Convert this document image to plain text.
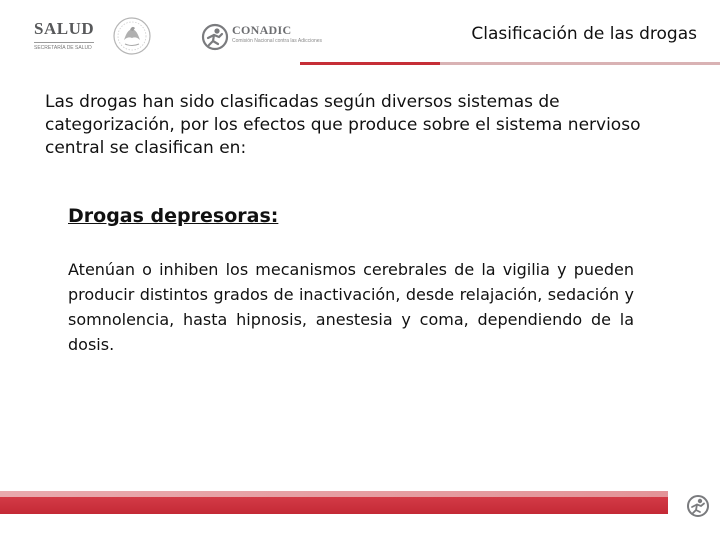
SALUD
SECRETARÍA DE SALUD
CONADIC
Comisión Nacional contra las Adicciones	Clasificación de las drogas
Las drogas han sido clasificadas según diversos sistemas de categorización, por los efectos que produce sobre el sistema nervioso central se clasifican en:
Drogas depresoras:
Atenúan o inhiben los mecanismos cerebrales de la vigilia y pueden producir distintos grados de inactivación, desde relajación, sedación y somnolencia, hasta hipnosis, anestesia y coma, dependiendo de la dosis.
